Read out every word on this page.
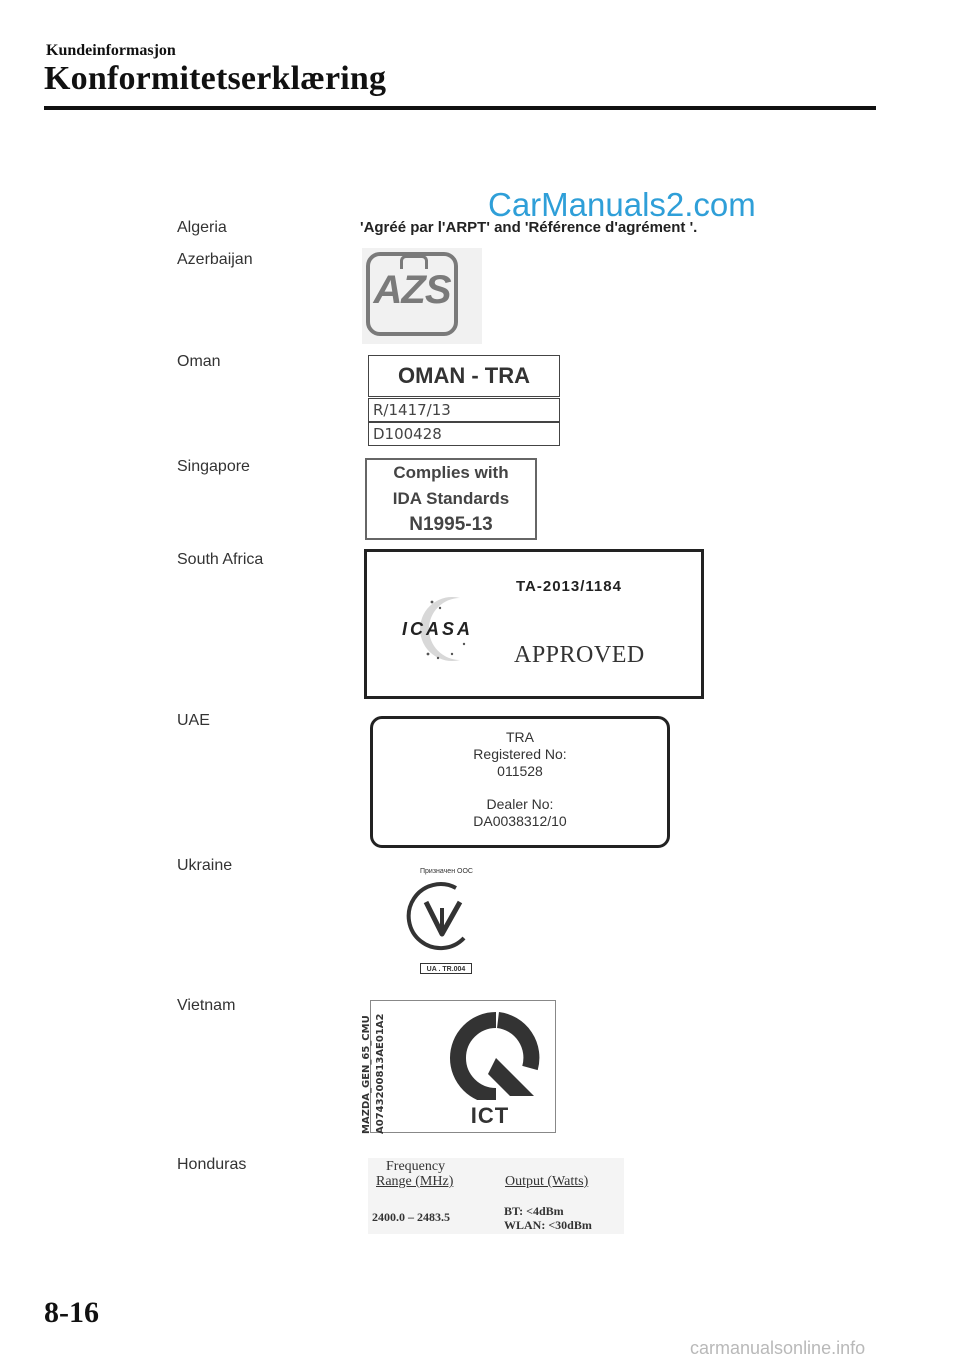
Kundeinformasjon
Konformitetserklæring
CarManuals2.com
Algeria	'Agréé par l'ARPT' and 'Référence d'agrément '.
Azerbaijan
AZS
Oman
OMAN - TRA
R/1417/13
D100428
Singapore	Complies with
IDA Standards
N1995-13
South Africa
TA-2013/1184
ICASA
APPROVED
UAE
TRA
Registered No:
011528
Dealer No:
DA0038312/10
Ukraine	Призначен ООС
UA . TR.004
Vietnam
MAZDA_GEN_65_CMU A0743200813AE01A2	ICT
Honduras	Frequency
Range (MHz)	Output (Watts)
2400.0 – 2483.5	BT: <4dBm
WLAN: <30dBm
8-16
carmanualsonline.info
